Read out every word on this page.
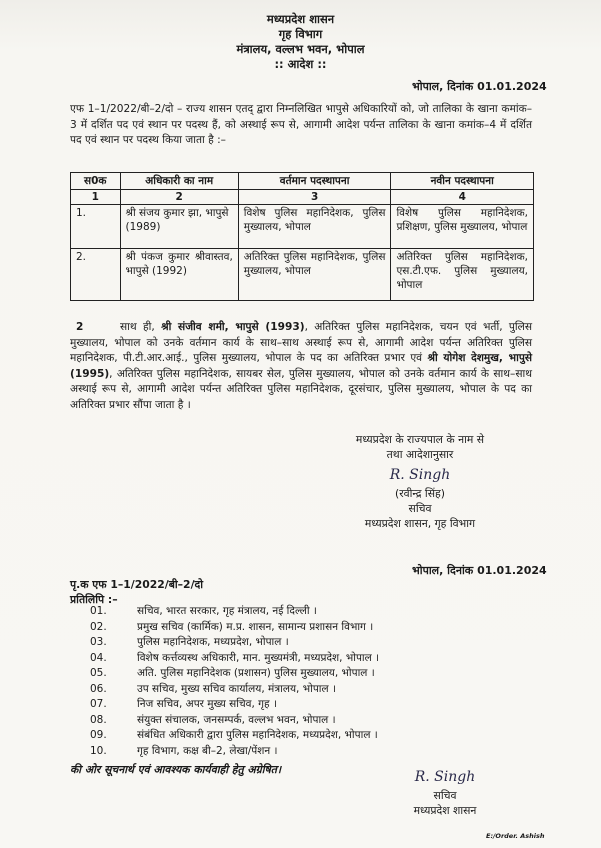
मध्यप्रदेश शासन
गृह विभाग
मंत्रालय, वल्लभ भवन, भोपाल
:: आदेश ::
भोपाल, दिनांक 01.01.2024
एफ 1–1/2022/बी–2/दो – राज्य शासन एतद् द्वारा निम्नलिखित भापुसे अधिकारियों को, जो तालिका के खाना कमांक–3 में दर्शित पद एवं स्थान पर पदस्थ हैं, को अस्थाई रूप से, आगामी आदेश पर्यन्त तालिका के खाना कमांक–4 में दर्शित पद एवं स्थान पर पदस्थ किया जाता है :–
स0क	अधिकारी का नाम	वर्तमान पदस्थापना	नवीन पदस्थापना
1	2	3	4
1.	श्री संजय कुमार झा, भापुसे (1989)	विशेष पुलिस महानिदेशक, पुलिस मुख्यालय, भोपाल	विशेष पुलिस महानिदेशक, प्रशिक्षण, पुलिस मुख्यालय, भोपाल
2.	श्री पंकज कुमार श्रीवास्तव, भापुसे (1992)	अतिरिक्त पुलिस महानिदेशक, पुलिस मुख्यालय, भोपाल	अतिरिक्त पुलिस महानिदेशक, एस.टी.एफ. पुलिस मुख्यालय, भोपाल
2	साथ ही, श्री संजीव शमी, भापुसे (1993), अतिरिक्त पुलिस महानिदेशक, चयन एवं भर्ती, पुलिस मुख्यालय, भोपाल को उनके वर्तमान कार्य के साथ–साथ अस्थाई रूप से, आगामी आदेश पर्यन्त अतिरिक्त पुलिस महानिदेशक, पी.टी.आर.आई., पुलिस मुख्यालय, भोपाल के पद का अतिरिक्त प्रभार एवं श्री योगेश देशमुख, भापुसे (1995), अतिरिक्त पुलिस महानिदेशक, सायबर सेल, पुलिस मुख्यालय, भोपाल को उनके वर्तमान कार्य के साथ–साथ अस्थाई रूप से, आगामी आदेश पर्यन्त अतिरिक्त पुलिस महानिदेशक, दूरसंचार, पुलिस मुख्यालय, भोपाल के पद का अतिरिक्त प्रभार सौंपा जाता है ।
मध्यप्रदेश के राज्यपाल के नाम से
तथा आदेशानुसार
R. Singh
(रवीन्द्र सिंह)
सचिव
मध्यप्रदेश शासन, गृह विभाग
पृ.क एफ 1–1/2022/बी–2/दो
भोपाल, दिनांक 01.01.2024
प्रतिलिपि :–
01.	सचिव, भारत सरकार, गृह मंत्रालय, नई दिल्ली ।
02.	प्रमुख सचिव (कार्मिक) म.प्र. शासन, सामान्य प्रशासन विभाग ।
03.	पुलिस महानिदेशक, मध्यप्रदेश, भोपाल ।
04.	विशेष कर्त्तव्यस्थ अधिकारी, मान. मुख्यमंत्री, मध्यप्रदेश, भोपाल ।
05.	अति. पुलिस महानिदेशक (प्रशासन) पुलिस मुख्यालय, भोपाल ।
06.	उप सचिव, मुख्य सचिव कार्यालय, मंत्रालय, भोपाल ।
07.	निज सचिव, अपर मुख्य सचिव, गृह ।
08.	संयुक्त संचालक, जनसम्पर्क, वल्लभ भवन, भोपाल ।
09.	संबंधित अधिकारी द्वारा पुलिस महानिदेशक, मध्यप्रदेश, भोपाल ।
10.	गृह विभाग, कक्ष बी–2, लेखा/पेंशन ।
की ओर सूचनार्थ एवं आवश्यक कार्यवाही हेतु अग्रेषित।	R. Singh
सचिव
मध्यप्रदेश शासन
E:/Order. Ashish
